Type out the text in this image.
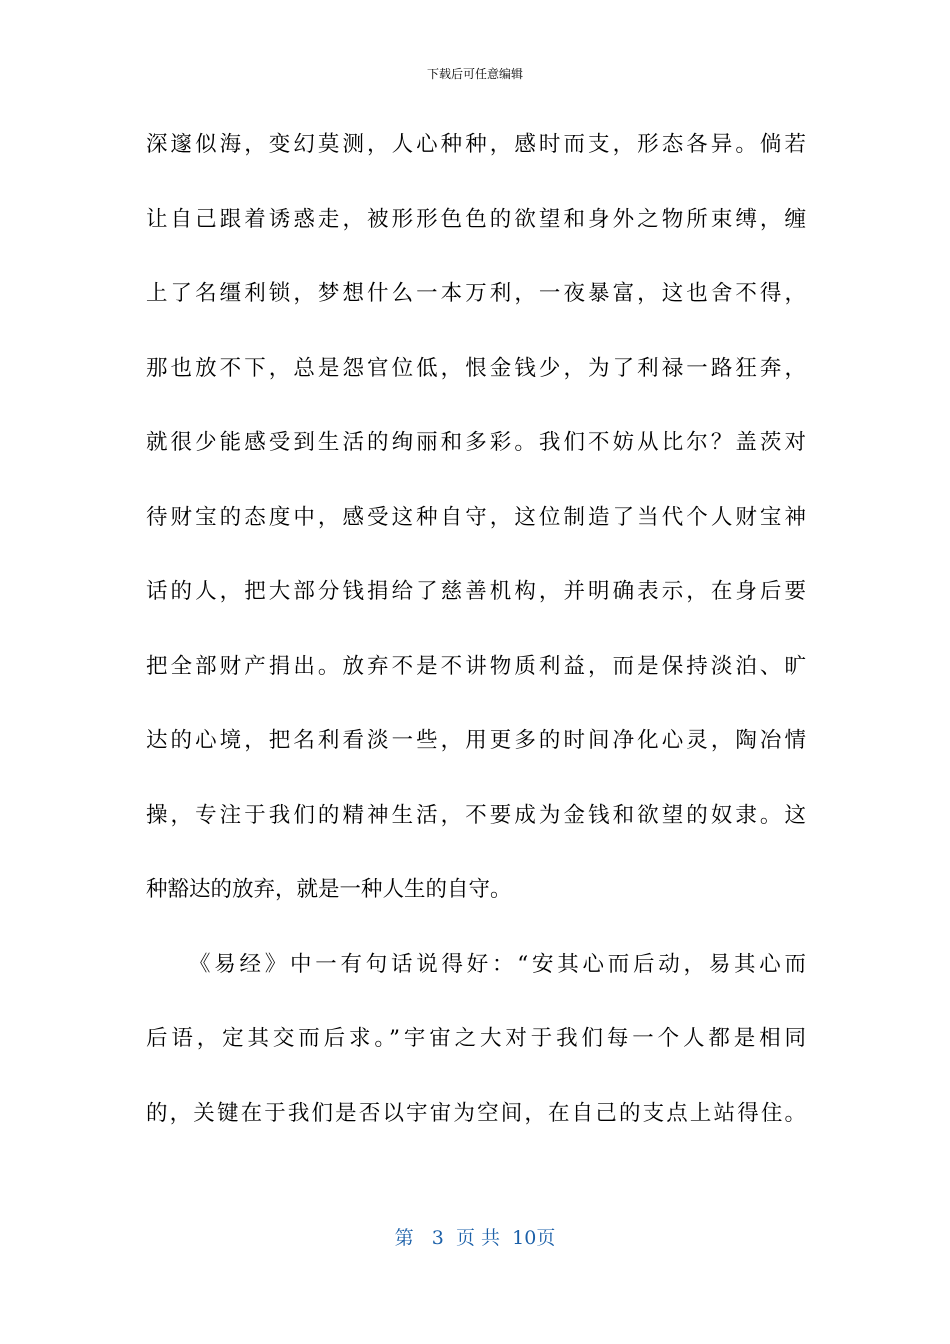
下载后可任意编辑
深邃似海，变幻莫测，人心种种，感时而支，形态各异。倘若
让自己跟着诱惑走，被形形色色的欲望和身外之物所束缚，缠
上了名缰利锁，梦想什么一本万利，一夜暴富，这也舍不得，
那也放不下，总是怨官位低，恨金钱少，为了利禄一路狂奔，
就很少能感受到生活的绚丽和多彩。我们不妨从比尔？盖茨对
待财宝的态度中，感受这种自守，这位制造了当代个人财宝神
话的人，把大部分钱捐给了慈善机构，并明确表示，在身后要
把全部财产捐出。放弃不是不讲物质利益，而是保持淡泊、旷
达的心境，把名利看淡一些，用更多的时间净化心灵，陶冶情
操，专注于我们的精神生活，不要成为金钱和欲望的奴隶。这
种豁达的放弃，就是一种人生的自守。
《易经》中一有句话说得好：“安其心而后动，易其心而
后语，定其交而后求。”宇宙之大对于我们每一个人都是相同
的，关键在于我们是否以宇宙为空间，在自己的支点上站得住。
第 3 页 共 10页
